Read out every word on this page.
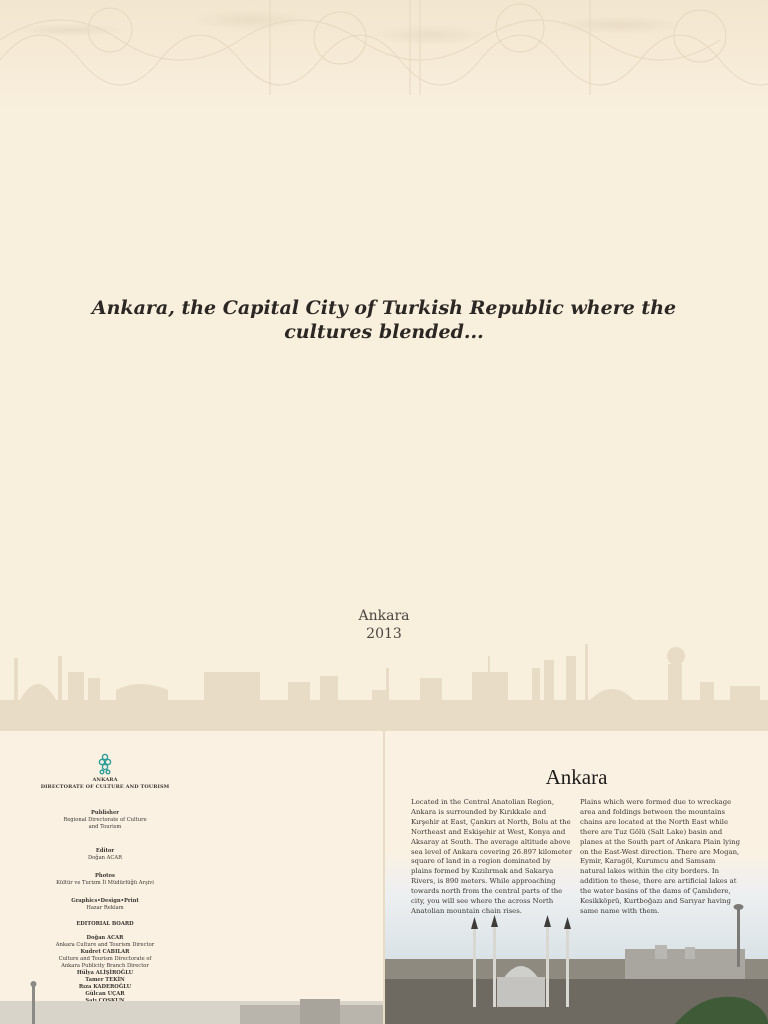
Ankara, the Capital City of Turkish Republic where the cultures blended...
Ankara
2013
ANKARA
DIRECTORATE OF CULTURE AND TOURISM
Publisher
Regional Directorate of Culture
and Tourism
Editor
Doğan ACAR
Photos
Kültür ve Turizm İl Müdürlüğü Arşivi
Graphics•Design•Print
Hazar Reklam
EDITORIAL BOARD
Doğan ACAR
Ankara Culture and Tourism Director
Kudret CABILAR
Culture and Tourism Directorate of Ankara Publicity Branch Director
Hülya ALİŞİROĞLU
Tamer TEKİN
Rıza KADEROĞLU
Gülcan UÇAR
Ankara
Located in the Central Anatolian Region, Ankara is surrounded by Kırıkkale and Kırşehir at East, Çankırı at North, Bolu at the Northeast and Eskişehir at West, Konya and Aksaray at South. The average altitude above sea level of Ankara covering 26.897 kilometer square of land in a region dominated by plains formed by Kızılırmak and Sakarya Rivers, is 890 meters. While approaching towards north from the central parts of the city, you will see where the across North Anatolian mountain chain rises.
Plains which were formed due to wreckage area and foldings between the mountains chains are located at the North East while there are Tuz Gölü (Salt Lake) basin and planes at the South part of Ankara Plain lying on the East-West direction. There are Mogan, Eymir, Karagöl, Kurumcu and Samsam natural lakes within the city borders. In addition to these, there are artificial lakes at the water basins of the dams of Çamlıdere, Kesikköprü, Kurtboğazı and Sarıyar having same name with them.
